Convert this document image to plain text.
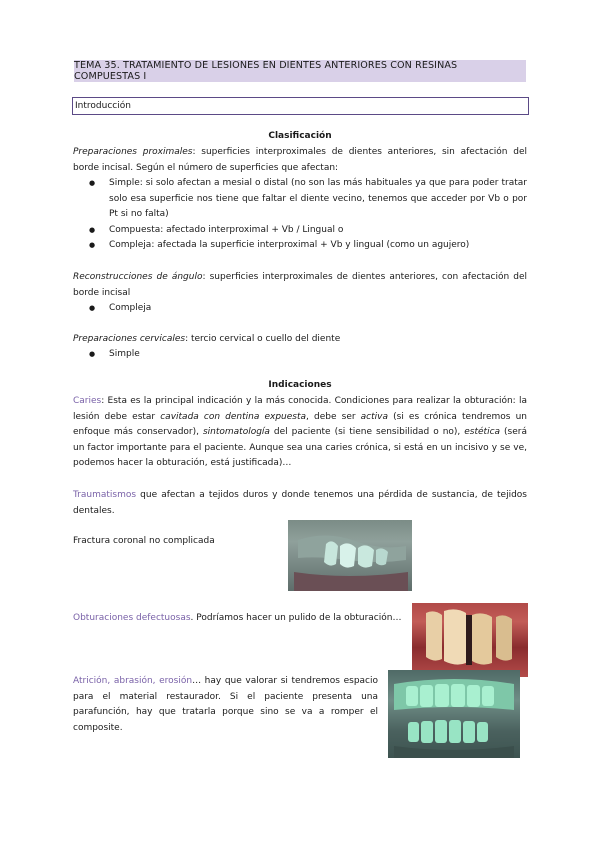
TEMA 35. TRATAMIENTO DE LESIONES EN DIENTES ANTERIORES CON RESINAS COMPUESTAS I
Introducción
Clasificación
Preparaciones proximales: superficies interproximales de dientes anteriores, sin afectación del borde incisal. Según el número de superficies que afectan:
● Simple: si solo afectan a mesial o distal (no son las más habituales ya que para poder tratar solo esa superficie nos tiene que faltar el diente vecino, tenemos que acceder por Vb o por Pt si no falta)
● Compuesta: afectado interproximal + Vb / Lingual o
● Compleja: afectada la superficie interproximal + Vb y lingual (como un agujero)
Reconstrucciones de ángulo: superficies interproximales de dientes anteriores, con afectación del borde incisal
● Compleja
Preparaciones cervicales: tercio cervical o cuello del diente
● Simple
Indicaciones
Caries: Esta es la principal indicación y la más conocida. Condiciones para realizar la obturación: la lesión debe estar cavitada con dentina expuesta, debe ser activa (si es crónica tendremos un enfoque más conservador), sintomatología del paciente (si tiene sensibilidad o no), estética (será un factor importante para el paciente. Aunque sea una caries crónica, si está en un incisivo y se ve, podemos hacer la obturación, está justificada)…
Traumatismos que afectan a tejidos duros y donde tenemos una pérdida de sustancia, de tejidos dentales.
Fractura coronal no complicada
Obturaciones defectuosas. Podríamos hacer un pulido de la obturación…
Atrición, abrasión, erosión… hay que valorar si tendremos espacio para el material restaurador. Si el paciente presenta una parafunción, hay que tratarla porque sino se va a romper el composite.
